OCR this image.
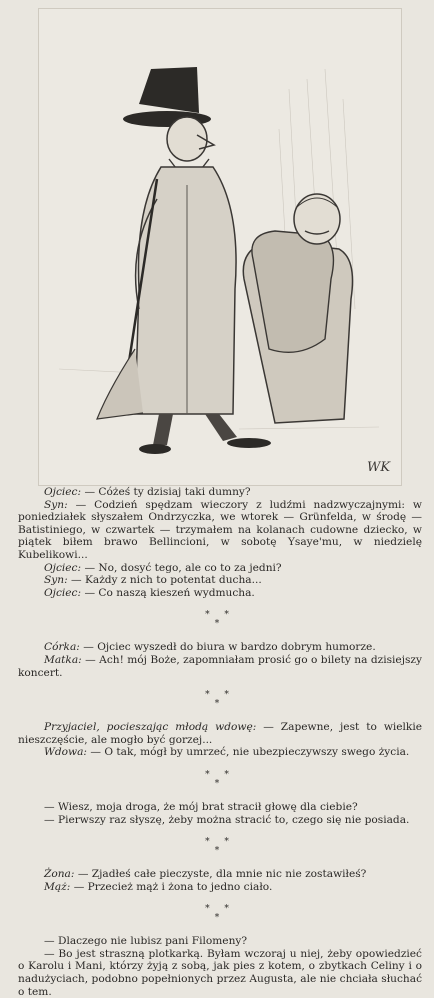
WK
Ojciec: — Cóżeś ty dzisiaj taki dumny?
Syn: — Codzień spędzam wieczory z ludźmi nadzwyczajnymi: w poniedziałek słyszałem Ondrzyczka, we wtorek — Grünfelda, w środę — Batistiniego, w czwartek — trzymałem na kolanach cudowne dziecko, w piątek biłem brawo Bellincioni, w sobotę Ysaye'mu, w niedzielę Kubelikowi...
Ojciec: — No, dosyć tego, ale co to za jedni?
Syn: — Każdy z nich to potentat ducha...
Ojciec: — Co naszą kieszeń wydmucha.
* *
*
Córka: — Ojciec wyszedł do biura w bardzo dobrym humorze.
Matka: — Ach! mój Boże, zapomniałam prosić go o bilety na dzisiejszy koncert.
* *
*
Przyjaciel, pocieszając młodą wdowę: — Zapewne, jest to wielkie nieszczęście, ale mogło być gorzej...
Wdowa: — O tak, mógł by umrzeć, nie ubezpieczywszy swego życia.
* *
*
— Wiesz, moja droga, że mój brat stracił głowę dla ciebie?
— Pierwszy raz słyszę, żeby można stracić to, czego się nie posiada.
* *
*
Żona: — Zjadłeś całe pieczyste, dla mnie nic nie zostawiłeś?
Mąż: — Przecież mąż i żona to jedno ciało.
* *
*
— Dlaczego nie lubisz pani Filomeny?
— Bo jest straszną plotkarką. Byłam wczoraj u niej, żeby opowiedzieć o Karolu i Mani, którzy żyją z sobą, jak pies z kotem, o zbytkach Celiny i o nadużyciach, podobno popełnionych przez Augusta, ale nie chciała słuchać o tem.
